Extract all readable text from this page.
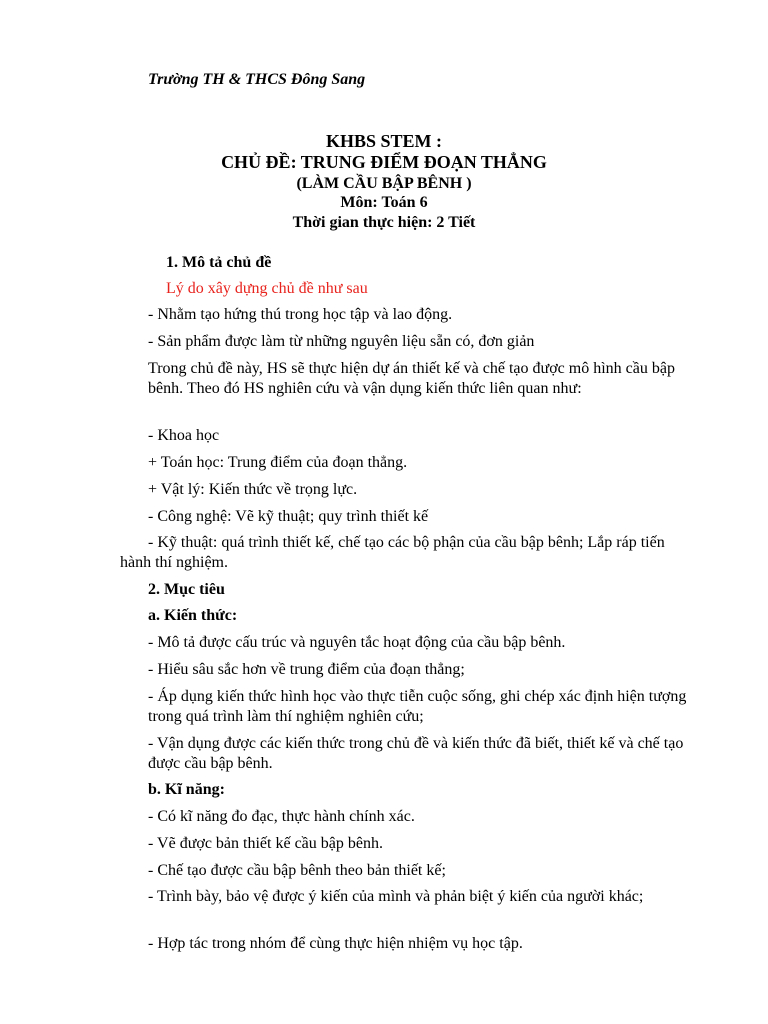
Trường TH & THCS Đông Sang
KHBS STEM :
CHỦ ĐỀ: TRUNG ĐIỂM ĐOẠN THẲNG
(LÀM CẦU BẬP BÊNH )
Môn: Toán 6
Thời gian thực hiện: 2 Tiết
1. Mô tả chủ đề
Lý do xây dựng chủ đề như sau
- Nhằm tạo hứng thú trong học tập và lao động.
- Sản phẩm được làm từ những nguyên liệu sẵn có, đơn giản
Trong chủ đề này, HS sẽ thực hiện dự án thiết kế và chế tạo được mô hình cầu bập bênh. Theo đó HS nghiên cứu và vận dụng kiến thức liên quan như:
- Khoa học
+ Toán học: Trung điểm của đoạn thẳng.
+ Vật lý: Kiến thức về trọng lực.
- Công nghệ: Vẽ kỹ thuật; quy trình thiết kế
- Kỹ thuật: quá trình thiết kế, chế tạo các bộ phận của cầu bập bênh; Lắp ráp tiến hành thí nghiệm.
2. Mục tiêu
a. Kiến thức:
- Mô tả được cấu trúc và nguyên tắc hoạt động của cầu bập bênh.
- Hiểu sâu sắc hơn về trung điểm của đoạn thẳng;
- Áp dụng kiến thức hình học vào thực tiễn cuộc sống, ghi chép xác định hiện tượng trong quá trình làm thí nghiệm nghiên cứu;
- Vận dụng được các kiến thức trong chủ đề và kiến thức đã biết, thiết kế và chế tạo được cầu bập bênh.
b. Kĩ năng:
- Có kĩ năng đo đạc, thực hành chính xác.
- Vẽ được bản thiết kế cầu bập bênh.
- Chế tạo được cầu bập bênh theo bản thiết kế;
- Trình bày, bảo vệ được ý kiến của mình và phản biệt ý kiến của người khác;
- Hợp tác trong nhóm để cùng thực hiện nhiệm vụ học tập.
